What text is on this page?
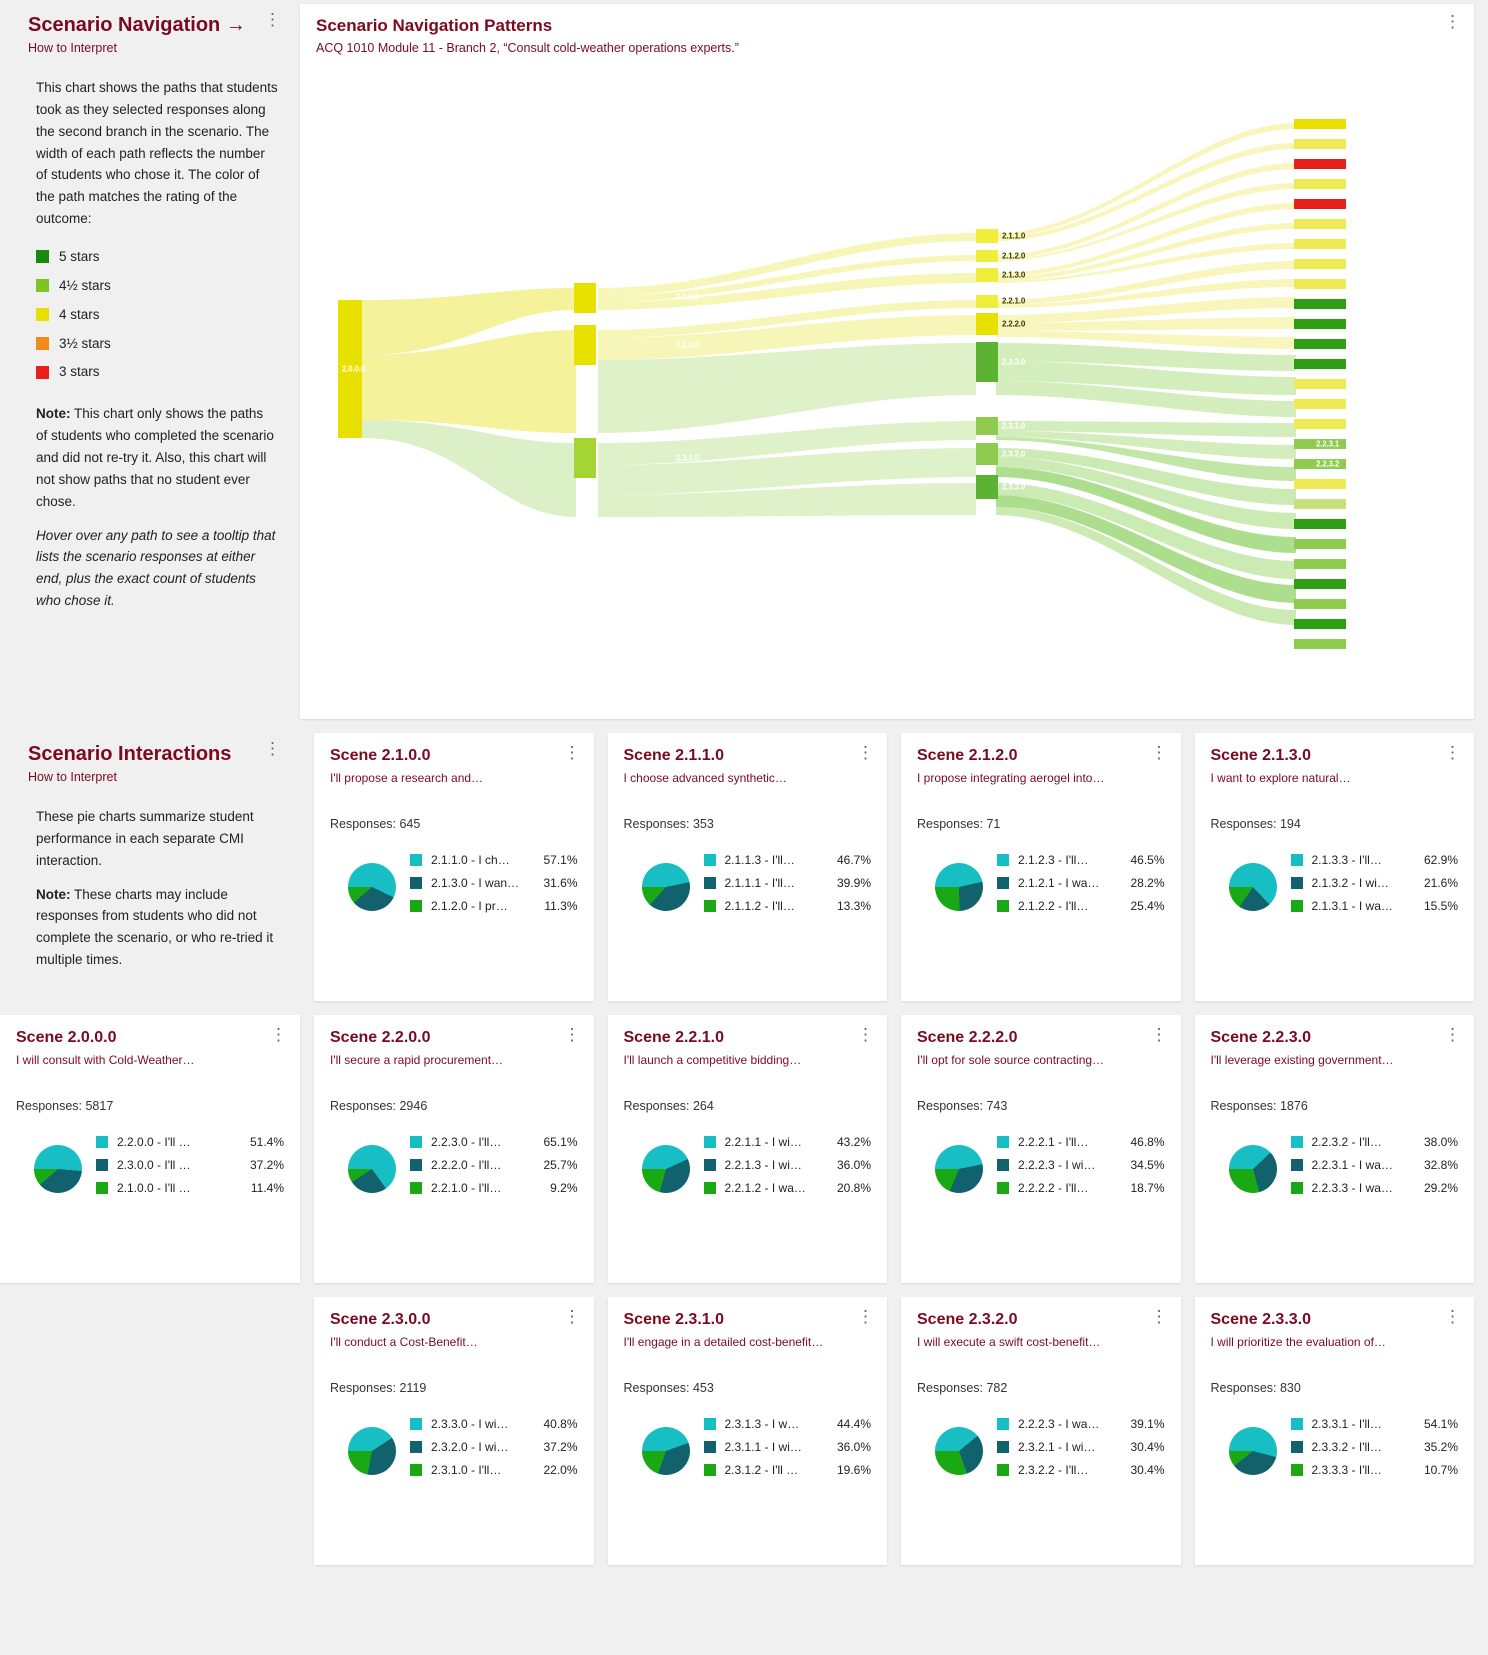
Scenario Navigation →
How to Interpret
⋮

This chart shows the paths that students took as they selected responses along the second branch in the scenario. The width of each path reflects the number of students who chose it. The color of the path matches the rating of the outcome:

5 stars
4½ stars
4 stars
3½ stars
3 stars

Note: This chart only shows the paths of students who completed the scenario and did not re-try it. Also, this chart will not show paths that no student ever chose.

Hover over any path to see a tooltip that lists the scenario responses at either end, plus the exact count of students who chose it.

Scenario Navigation Patterns
ACQ 1010 Module 11 - Branch 2, “Consult cold-weather operations experts.”
⋮
2.0.0.0
2.1.0.0
2.2.0.0
2.3.0.0
2.1.1.0
2.1.2.0
2.1.3.0
2.2.1.0
2.2.2.0
2.2.3.0
2.3.1.0
2.3.2.0
2.3.3.0
2.2.3.1
2.2.3.2
Scenario Interactions
How to Interpret
⋮

These pie charts summarize student performance in each separate CMI interaction.

Note: These charts may include responses from students who did not complete the scenario, or who re-tried it multiple times.

Scene 2.1.0.0
I'll propose a research and…
⋮
Responses: 645
2.1.1.0 - I ch…	57.1%
2.1.3.0 - I wan…	31.6%
2.1.2.0 - I pr…	11.3%
Scene 2.1.1.0
I choose advanced synthetic…
⋮
Responses: 353
2.1.1.3 - I'll…	46.7%
2.1.1.1 - I'll…	39.9%
2.1.1.2 - I'll…	13.3%
Scene 2.1.2.0
I propose integrating aerogel into…
⋮
Responses: 71
2.1.2.3 - I'll…	46.5%
2.1.2.1 - I wa…	28.2%
2.1.2.2 - I'll…	25.4%
Scene 2.1.3.0
I want to explore natural…
⋮
Responses: 194
2.1.3.3 - I'll…	62.9%
2.1.3.2 - I wi…	21.6%
2.1.3.1 - I wa…	15.5%
Scene 2.0.0.0
I will consult with Cold-Weather…
⋮
Responses: 5817
2.2.0.0 - I'll …	51.4%
2.3.0.0 - I'll …	37.2%
2.1.0.0 - I'll …	11.4%
Scene 2.2.0.0
I'll secure a rapid procurement…
⋮
Responses: 2946
2.2.3.0 - I'll…	65.1%
2.2.2.0 - I'll…	25.7%
2.2.1.0 - I'll…	9.2%
Scene 2.2.1.0
I'll launch a competitive bidding…
⋮
Responses: 264
2.2.1.1 - I wi…	43.2%
2.2.1.3 - I wi…	36.0%
2.2.1.2 - I wa…	20.8%
Scene 2.2.2.0
I'll opt for sole source contracting…
⋮
Responses: 743
2.2.2.1 - I'll…	46.8%
2.2.2.3 - I wi…	34.5%
2.2.2.2 - I'll…	18.7%
Scene 2.2.3.0
I'll leverage existing government…
⋮
Responses: 1876
2.2.3.2 - I'll…	38.0%
2.2.3.1 - I wa…	32.8%
2.2.3.3 - I wa…	29.2%
Scene 2.3.0.0
I'll conduct a Cost-Benefit…
⋮
Responses: 2119
2.3.3.0 - I wi…	40.8%
2.3.2.0 - I wi…	37.2%
2.3.1.0 - I'll…	22.0%
Scene 2.3.1.0
I'll engage in a detailed cost-benefit…
⋮
Responses: 453
2.3.1.3 - I w…	44.4%
2.3.1.1 - I wi…	36.0%
2.3.1.2 - I'll …	19.6%
Scene 2.3.2.0
I will execute a swift cost-benefit…
⋮
Responses: 782
2.2.2.3 - I wa…	39.1%
2.3.2.1 - I wi…	30.4%
2.3.2.2 - I'll…	30.4%
Scene 2.3.3.0
I will prioritize the evaluation of…
⋮
Responses: 830
2.3.3.1 - I'll…	54.1%
2.3.3.2 - I'll…	35.2%
2.3.3.3 - I'll…	10.7%
